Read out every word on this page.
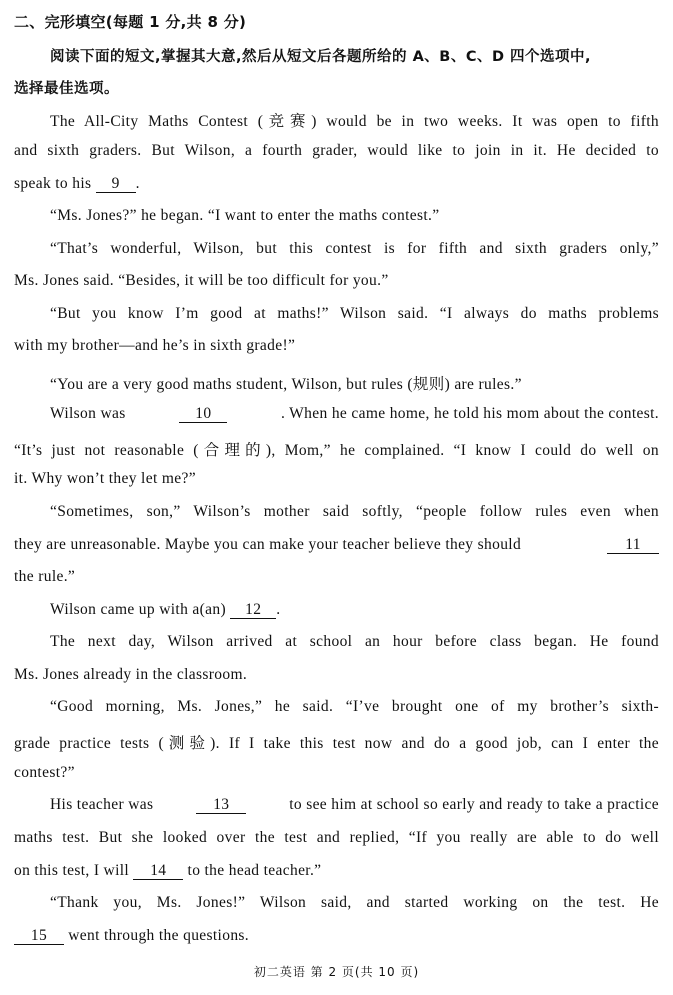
二、完形填空(每题 1 分,共 8 分)
阅读下面的短文,掌握其大意,然后从短文后各题所给的 A、B、C、D 四个选项中,
选择最佳选项。
The All-City Maths Contest (竞赛) would be in two weeks. It was open to fifth
and sixth graders. But Wilson, a fourth grader, would like to join in it. He decided to
speak to his 9 .
“Ms. Jones?” he began. “I want to enter the maths contest.”
“That’s wonderful, Wilson, but this contest is for fifth and sixth graders only,”
Ms. Jones said. “Besides, it will be too difficult for you.”
“But you know I’m good at maths!” Wilson said. “I always do maths problems
with my brother—and he’s in sixth grade!”
“You are a very good maths student, Wilson, but rules (规则) are rules.”
Wilson was	10	. When he came home, he told his mom about the contest.
“It’s just not reasonable (合理的), Mom,” he complained. “I know I could do well on
it. Why won’t they let me?”
“Sometimes, son,” Wilson’s mother said softly, “people follow rules even when
they are unreasonable. Maybe you can make your teacher believe they should	11
the rule.”
Wilson came up with a(an) 12 .
The next day, Wilson arrived at school an hour before class began. He found
Ms. Jones already in the classroom.
“Good morning, Ms. Jones,” he said. “I’ve brought one of my brother’s sixth-
grade practice tests (测验). If I take this test now and do a good job, can I enter the
contest?”
His teacher was	13	to see him at school so early and ready to take a practice
maths test. But she looked over the test and replied, “If you really are able to do well
on this test, I will 14 to the head teacher.”
“Thank you, Ms. Jones!” Wilson said, and started working on the test. He
15 went through the questions.
初二英语 第 2 页(共 10 页)
